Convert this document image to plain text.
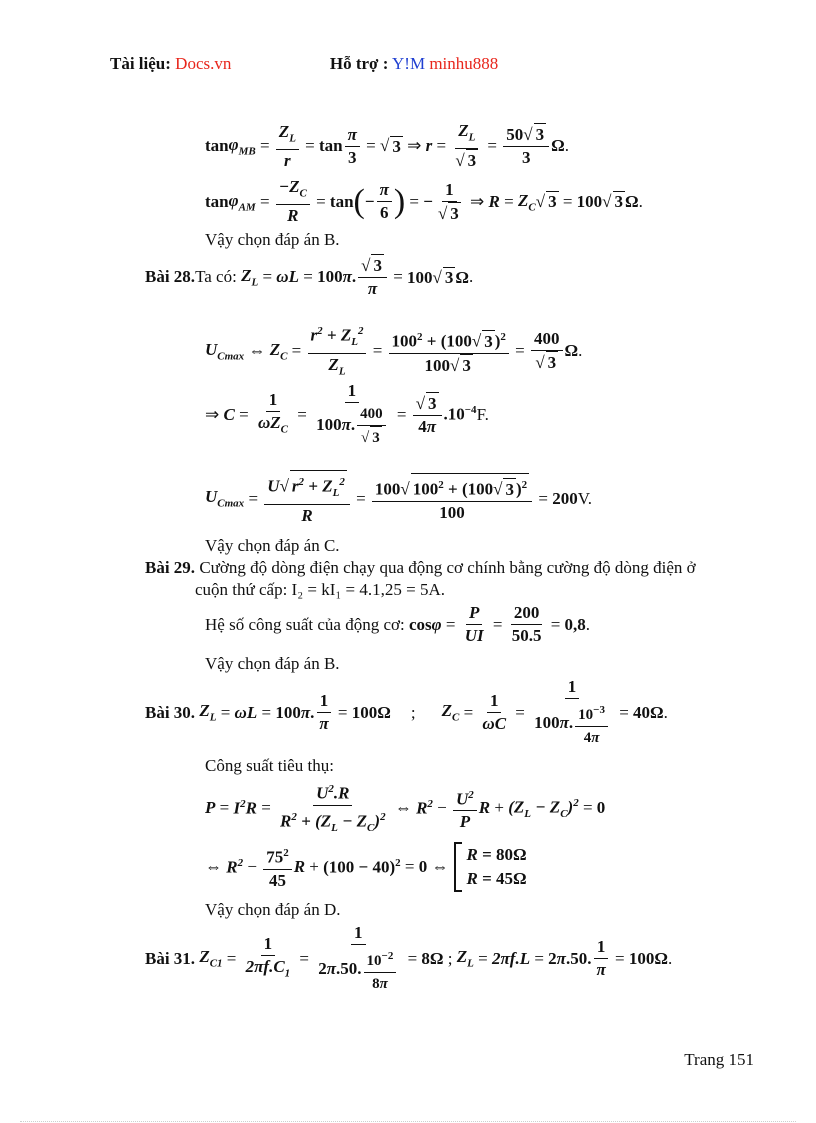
Tài liệu: Docs.vn	Hỗ trợ : Y!M minhu888
$\tan \varphi_{MB} = \frac{Z_L}{r} = \tan \frac{\pi}{3}$ = √ 3 ⇒ $r = \frac{Z_L}{√ 3} = \frac{50√ 3}{3}$ Ω .
$\tan \varphi_{AM} = \frac{-Z_C}{R} = \tan$ ( − $\frac{\pi}{6}$ ) = − $\frac{1}{√ 3}$ ⇒ $R = Z_C$ √ 3 = 100√ 3 Ω .
Vậy chọn đáp án B.
Bài 28. Ta có:
$Z_L = \omega L = 100\pi$. $\frac{√ 3}{\pi} = 100√$ 3 Ω .
$U_{Cmax}$ ⇔ $Z_C = \frac{r^2 + Z_L^2}{Z_L} = \frac{100^2 + (100√ 3 )^2}{100√ 3} = \frac{400}{√ 3}$ Ω .
⇒ $C = \frac{1}{\omega Z_C} = \frac{1}{100\pi. \frac{400}{√ 3}} = \frac{√ 3}{4\pi} .10^{-4}$ F.
$U_{Cmax} = \frac{U√ r^2 + Z_L^2}{R} = \frac{100√ 100^2 + (100√ 3 )^2}{100} = 200$ V.
Vậy chọn đáp án C.
Bài 29. Cường độ dòng điện chạy qua động cơ chính bằng cường độ dòng điện ở
cuộn thứ cấp: I₂ = kI₁ = 4.1,25 = 5A.
Hệ số công suất của động cơ:
$\cos \varphi = \frac{P}{UI} = \frac{200}{50.5} = 0,8$ .
Vậy chọn đáp án B.
Bài 30.
$Z_L = \omega L = 100\pi$. $\frac{1}{\pi} = 100\Omega$ ; $Z_C = \frac{1}{\omega C} = \frac{1}{100\pi. \frac{10^{-3}}{4\pi}} = 40\Omega$ .
Công suất tiêu thụ:
$P = I^2R = \frac{U^2.R}{R^2 + (Z_L - Z_C)^2}$ ⇔ $R^2 - \frac{U^2}{P}$ $R + (Z_L - Z_C)^2 = 0$
⇔ $R^2 - \frac{75^2}{45}$ $R + (100 - 40)^2 = 0$ ⇔
R = 80Ω
R = 45Ω
Vậy chọn đáp án D.
Bài 31.
$Z_{C1} = \frac{1}{2\pi f.C_1} = \frac{1}{2\pi.50. \frac{10^{-2}}{8\pi}} = 8\Omega$
;
$Z_L = 2\pi f.L = 2\pi.50$. $\frac{1}{\pi} = 100\Omega$ .
Trang 151
